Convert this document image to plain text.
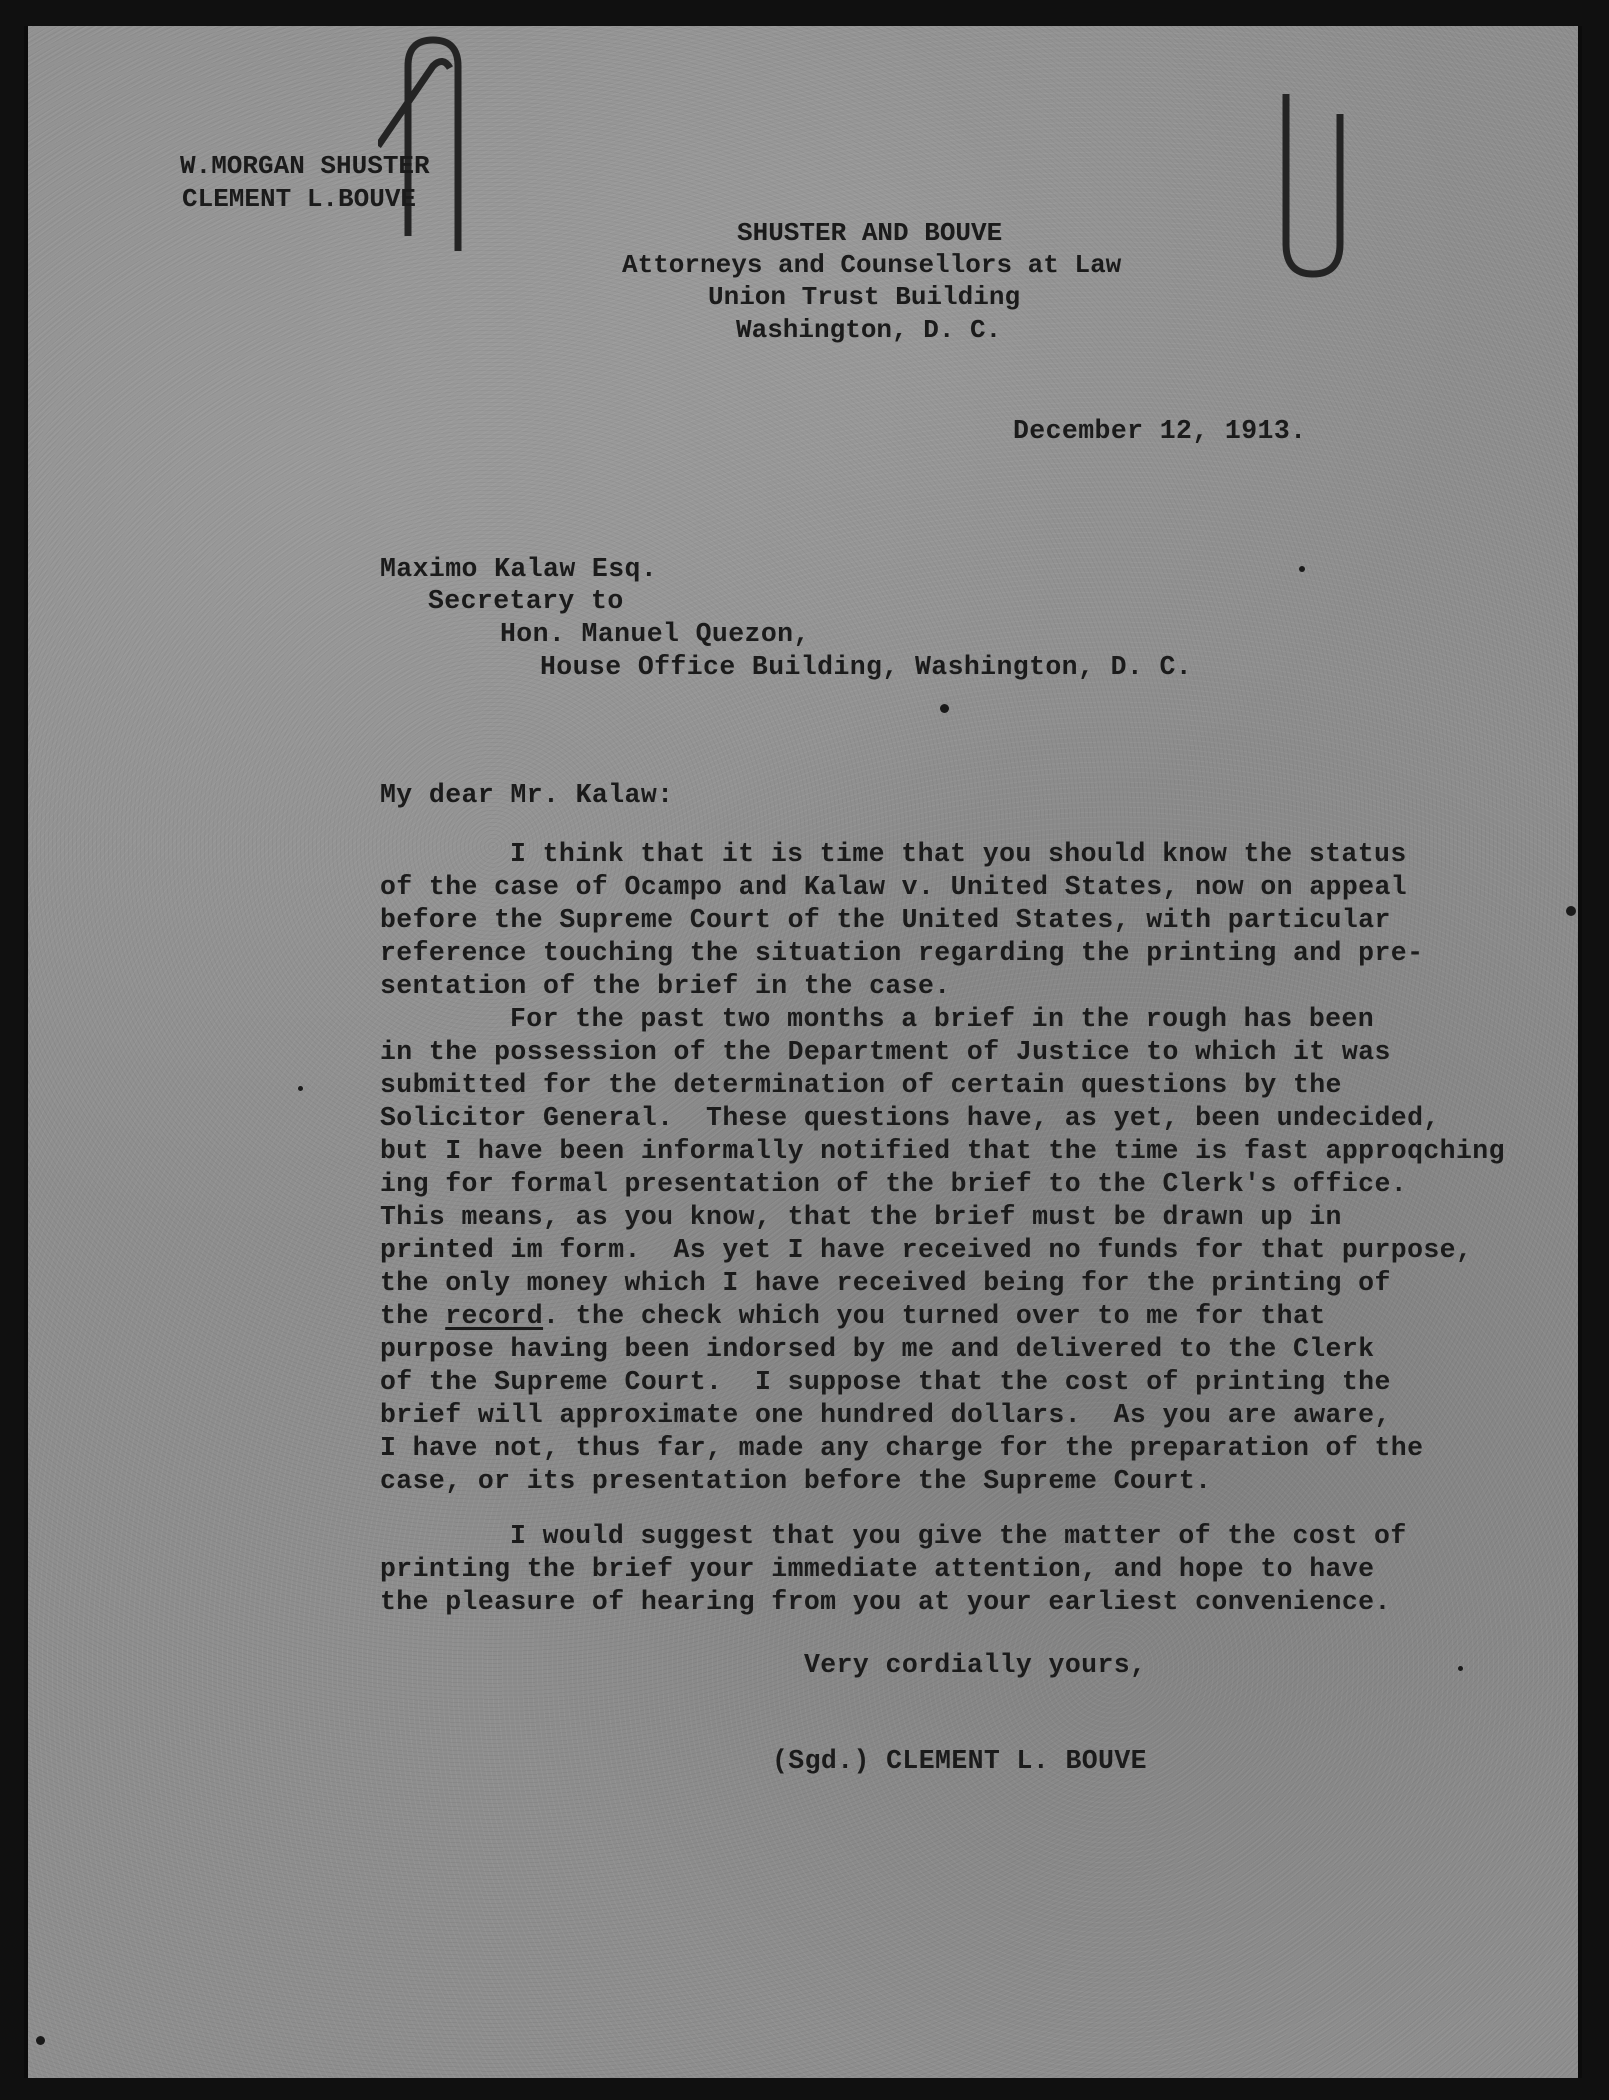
W.MORGAN SHUSTER

CLEMENT L.BOUVE

SHUSTER AND BOUVE

Attorneys and Counsellors at Law

Union Trust Building

Washington, D. C.

December 12, 1913.

Maximo Kalaw Esq.

Secretary to

Hon. Manuel Quezon,

House Office Building, Washington, D. C.

My dear Mr. Kalaw:

I think that it is time that you should know the status

of the case of Ocampo and Kalaw v. United States, now on appeal

before the Supreme Court of the United States, with particular

reference touching the situation regarding the printing and pre-

sentation of the brief in the case.

For the past two months a brief in the rough has been

in the possession of the Department of Justice to which it was

submitted for the determination of certain questions by the

Solicitor General.  These questions have, as yet, been undecided,

but I have been informally notified that the time is fast approqching

ing for formal presentation of the brief to the Clerk's office.

This means, as you know, that the brief must be drawn up in

printed im form.  As yet I have received no funds for that purpose,

the only money which I have received being for the printing of

the record. the check which you turned over to me for that

purpose having been indorsed by me and delivered to the Clerk

of the Supreme Court.  I suppose that the cost of printing the

brief will approximate one hundred dollars.  As you are aware,

I have not, thus far, made any charge for the preparation of the

case, or its presentation before the Supreme Court.

I would suggest that you give the matter of the cost of

printing the brief your immediate attention, and hope to have

the pleasure of hearing from you at your earliest convenience.

Very cordially yours,

(Sgd.) CLEMENT L. BOUVE
